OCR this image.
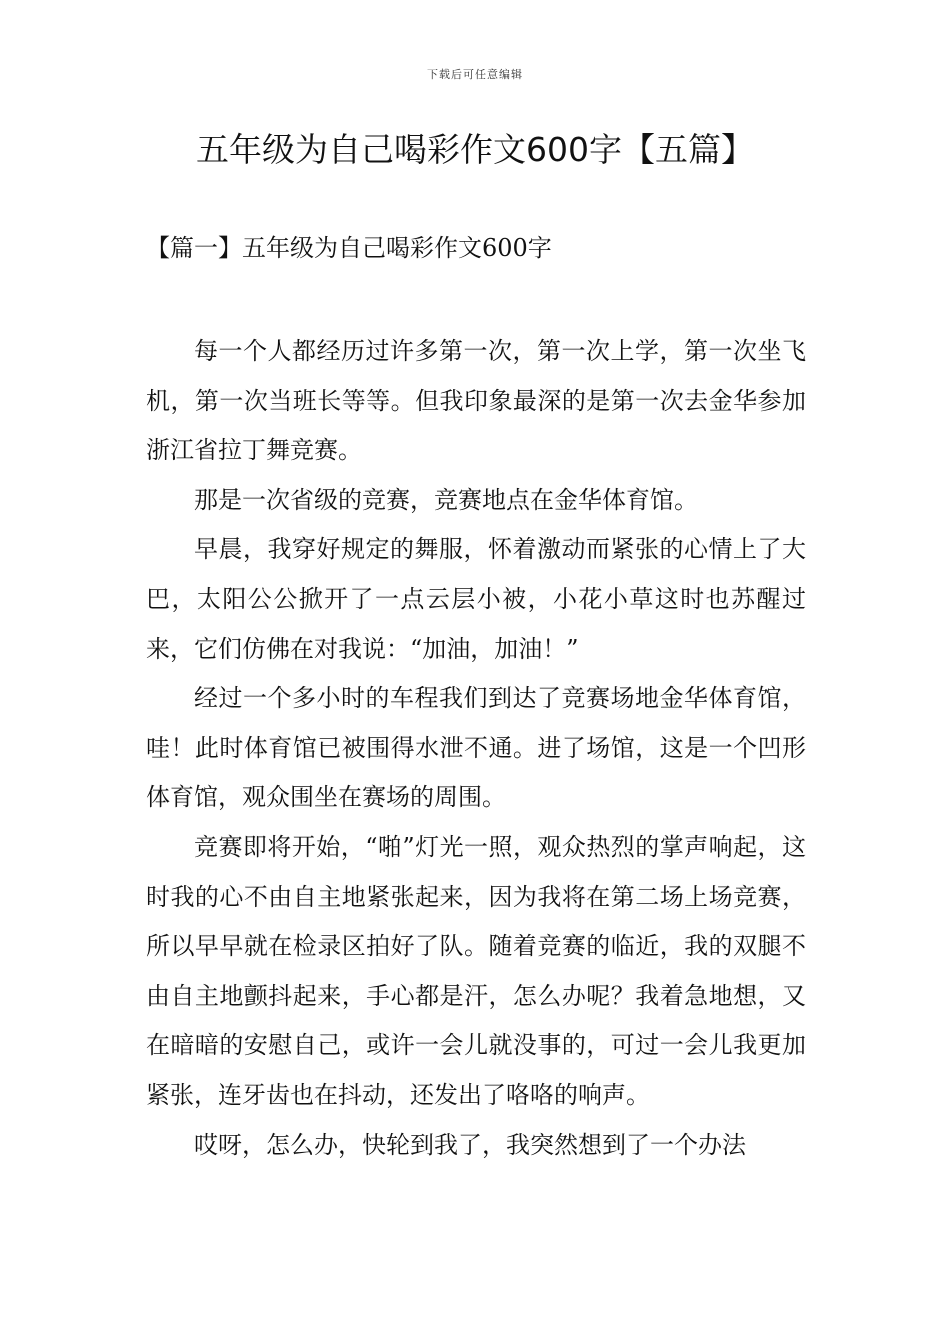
下载后可任意编辑
五年级为自己喝彩作文600字【五篇】
【篇一】五年级为自己喝彩作文600字

每一个人都经历过许多第一次，第一次上学，第一次坐飞机，第一次当班长等等。但我印象最深的是第一次去金华参加浙江省拉丁舞竞赛。

那是一次省级的竞赛，竞赛地点在金华体育馆。

早晨，我穿好规定的舞服，怀着激动而紧张的心情上了大巴，太阳公公掀开了一点云层小被，小花小草这时也苏醒过来，它们仿佛在对我说：“加油，加油！”

经过一个多小时的车程我们到达了竞赛场地金华体育馆，哇！此时体育馆已被围得水泄不通。进了场馆，这是一个凹形体育馆，观众围坐在赛场的周围。

竞赛即将开始，“啪”灯光一照，观众热烈的掌声响起，这时我的心不由自主地紧张起来，因为我将在第二场上场竞赛，所以早早就在检录区拍好了队。随着竞赛的临近，我的双腿不由自主地颤抖起来，手心都是汗，怎么办呢？我着急地想，又在暗暗的安慰自己，或许一会儿就没事的，可过一会儿我更加紧张，连牙齿也在抖动，还发出了咯咯的响声。

哎呀，怎么办，快轮到我了，我突然想到了一个办法
